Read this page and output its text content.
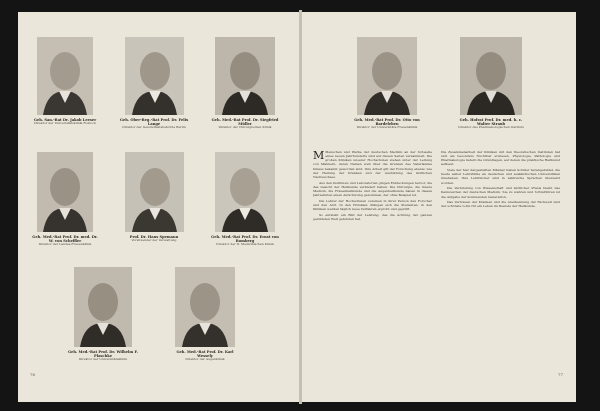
Geh. San.-Rat Dr. Jakob Leeser
Direktor der Universitätsklinik Rostock
Geh. Ober-Reg.-Rat Prof. Dr. Felix Lange
Direktor der Gesundheitsbehörde Berlin
Geh. Med.-Rat Prof. Dr. Siegfried Müller
Direktor der Chirurgischen Klinik
Geh. Med.-Rat Prof. Dr. med. Dr. W. von Scheffler
Direktor der Landes-Frauenklinik
Prof. Dr. Hans Spemann
Vorsitzender der Verwaltung
Geh. Med.-Rat Prof. Dr. Ernst von Romberg
Direktor der II. Medizinischen Klinik
Geh. Med.-Rat Prof. Dr. Wilhelm F. Plaschke
Direktor der Universitätsklinik
Geh. Med.-Rat Prof. Dr. Karl Wessely
Direktor der Augenklinik
Geh. Med.-Rat Prof. Dr. Otto von Bardeleben
Direktor der Universitäts-Frauenklinik
Geh. Hofrat Prof. Dr. med. h. c. Walter Straub
Direktor des Pharmakologischen Instituts

M Menschen und Werke der deutschen Medizin an der Schwelle eines neuen Jahrhunderts sind auf diesen Seiten versammelt. Die großen Kliniken unserer Hochschulen stehen unter der Leitung von Männern, deren Namen weit über die Grenzen des Vaterlandes hinaus bekannt geworden sind. Ihre Arbeit gilt der Forschung ebenso wie der Heilung der Kranken und der Ausbildung des ärztlichen Nachwuchses.

Aus den Instituten und Laboratorien gingen Entdeckungen hervor, die das Gesicht der Heilkunde verändert haben. Die Chirurgie, die innere Medizin, die Frauenheilkunde und die Augenheilkunde haben in diesen Jahrzehnten einen Aufschwung genommen, der ohne Beispiel ist.

Die Lehrer der Hochschulen vereinen in ihrer Person den Forscher und den Arzt. In den Hörsälen drängen sich die Studenten, in den Kliniken werden täglich neue Verfahren erprobt und geprüft.

So entsteht ein Bild der Leistung, das die Achtung der ganzen gebildeten Welt gefunden hat.

Die Zusammenarbeit der Kliniken mit den theoretischen Instituten hat sich als besonders fruchtbar erwiesen. Physiologie, Pathologie und Pharmakologie liefern die Grundlagen, auf denen die praktische Heilkunst aufbaut.

Viele der hier dargestellten Männer haben Schüler herangebildet, die heute selbst Lehrstühle an deutschen und ausländischen Universitäten innehaben. Ihre Lehrbücher sind in zahlreiche Sprachen übersetzt worden.

Die Verbindung von Wissenschaft und ärztlicher Praxis bleibt das Kennzeichen der deutschen Medizin. Sie zu wahren und fortzuführen ist die Aufgabe der kommenden Generation.

Das Vertrauen der Kranken und die Anerkennung der Fachwelt sind der schönste Lohn für ein Leben im Dienste der Heilkunde.

76	77
